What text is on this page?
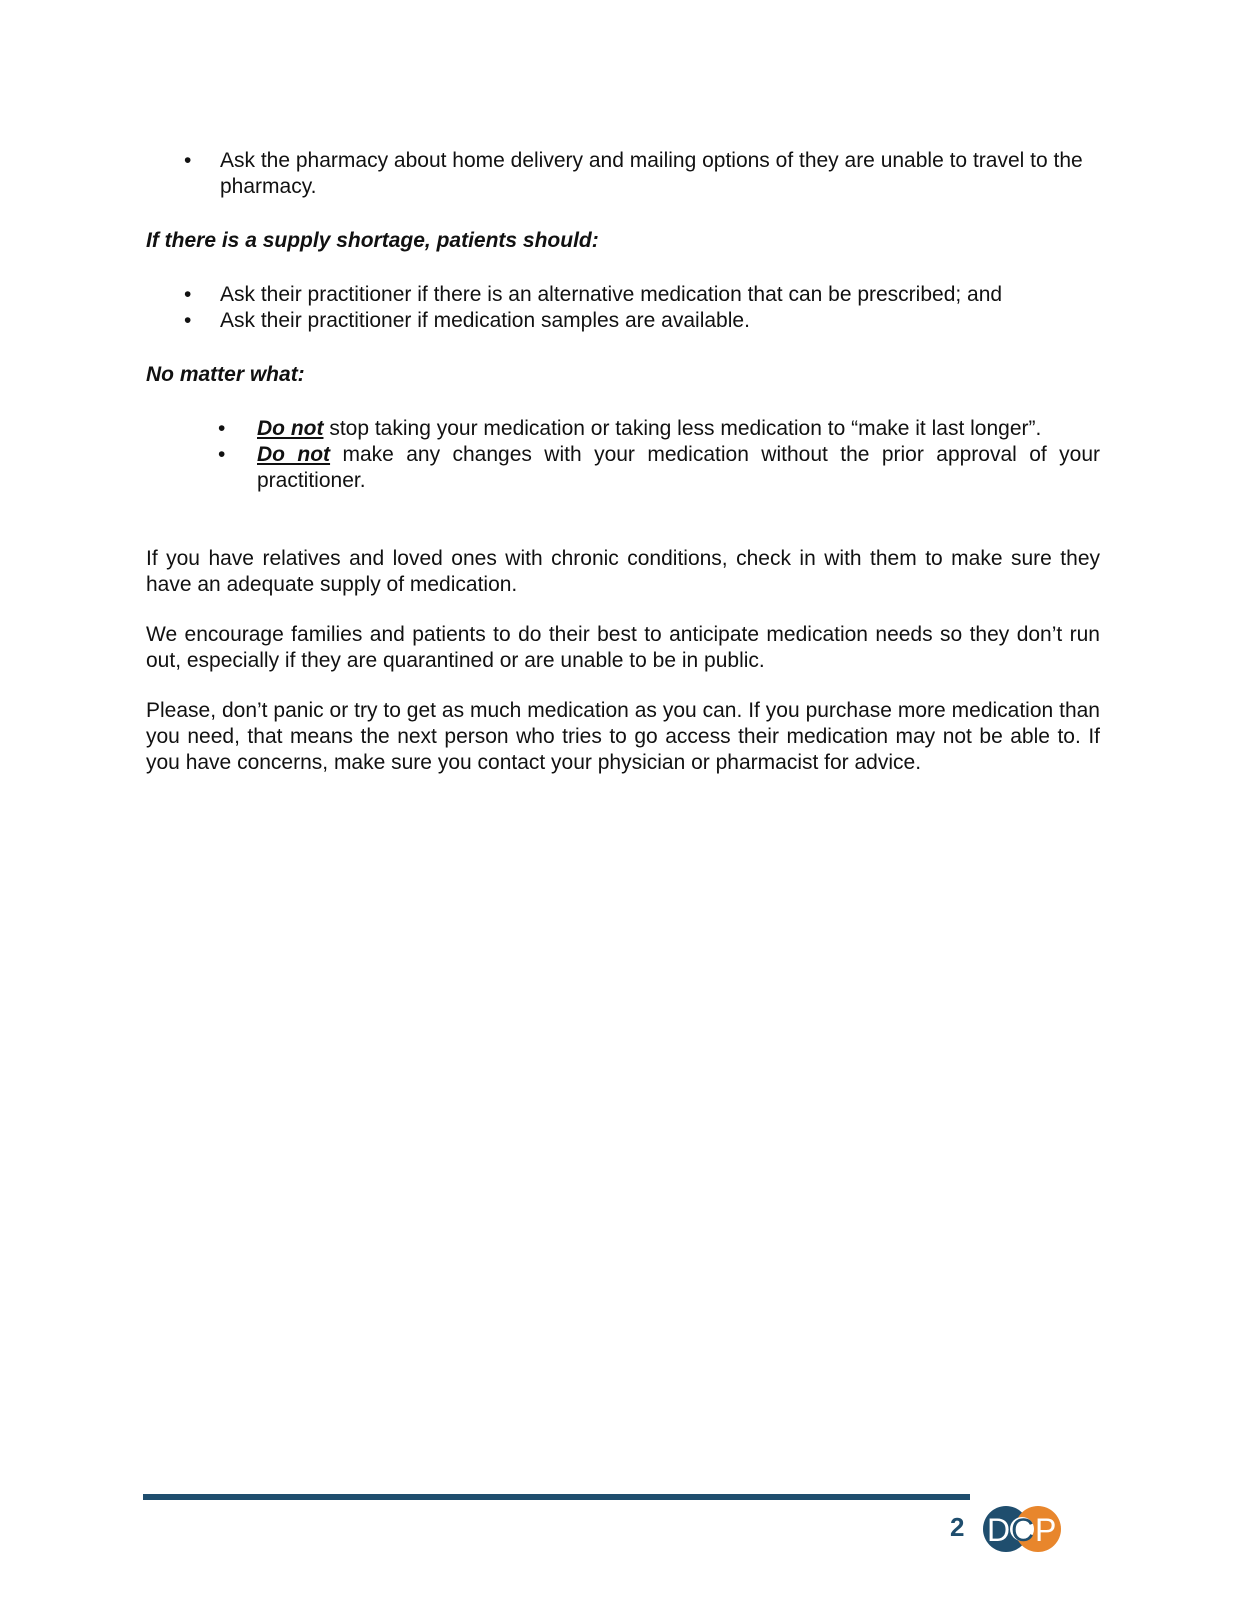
• Ask the pharmacy about home delivery and mailing options of they are unable to travel to the pharmacy.

If there is a supply shortage, patients should:

• Ask their practitioner if there is an alternative medication that can be prescribed; and
• Ask their practitioner if medication samples are available.

No matter what:

• Do not stop taking your medication or taking less medication to “make it last longer”.
• Do not make any changes with your medication without the prior approval of your practitioner.

If you have relatives and loved ones with chronic conditions, check in with them to make sure they have an adequate supply of medication.

We encourage families and patients to do their best to anticipate medication needs so they don’t run out, especially if they are quarantined or are unable to be in public.

Please, don’t panic or try to get as much medication as you can. If you purchase more medication than you need, that means the next person who tries to go access their medication may not be able to. If you have concerns, make sure you contact your physician or pharmacist for advice.

2 D C P
